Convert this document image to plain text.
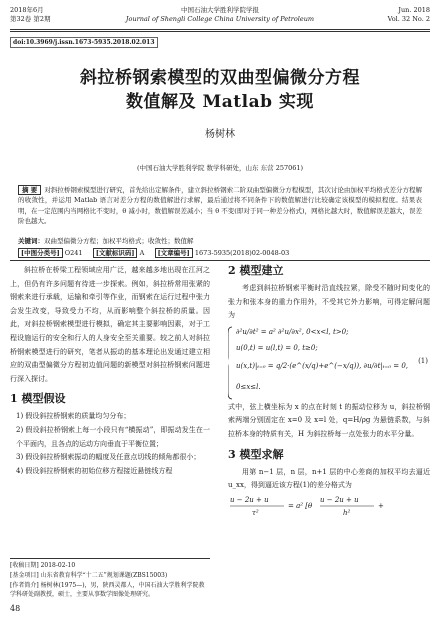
2018年6月
第32卷 第2期
中国石油大学胜利学院学报
Journal of Shengli College China University of Petroleum
Jun. 2018
Vol. 32 No. 2
doi:10.3969/j.issn.1673-5935.2018.02.013
斜拉桥钢索模型的双曲型偏微分方程
数值解及 Matlab 实现
杨树林
(中国石油大学胜利学院 数学科研处，山东 东营 257061)
摘 要 对斜拉桥钢索模型进行研究，首先给出定解条件，建立斜拉桥钢索二阶双曲型偏微分方程模型，其次讨论由加权平均格式差分方程解的收敛性，并运用 Matlab 语言对差分方程的数值解进行求解，最后通过将不同条件下的数值解进行比较确定该模型的模拟程度。结果表明，在一定范围内当网格比不变时，θ 减小时，数值解误差减小；当 θ 不变(即对于同一种差分格式)，网格比越大时，数值解误差越大，误差阶也越大。
关键词：双曲型偏微分方程；加权平均格式；收敛性；数值解
[中图分类号] O241 [文献标识码] A [文章编号] 1673-5935(2018)02-0048-03

斜拉桥在桥梁工程领域应用广泛，越来越多地出现在江河之上，但仍有许多问题有待进一步探索。例如，斜拉桥常用张紧的钢索来进行承载，运输和牵引等作业，而钢索在运行过程中张力会发生改变，导致受力不均，从而影响整个斜拉桥的质量。因此，对斜拉桥钢索模型进行模拟，确定其主要影响因素，对于工程设施运行的安全和行人的人身安全至关重要。较之前人对斜拉桥钢索模型进行的研究，笔者从振动的基本理论出发通过建立相应的双曲型偏微分方程初边值问题的新模型对斜拉桥钢索问题进行深入探讨。

1 模型假设

1) 假设斜拉桥钢索的质量均匀分布；

2) 假设斜拉桥钢索上每一小段只有“横振动”，即振动发生在一个平面内，且各点的运动方向垂直于平衡位置；

3) 假设斜拉桥钢索振动的幅度及任意点切线的倾角都很小；

4) 假设斜拉桥钢索的初始位移方程接近悬链线方程

[收稿日期] 2018-02-10
[基金项目] 山东省教育科学“十二五”规划课题(ZBS15003)
[作者简介] 杨树林(1975—)，男，陕西灵都人，中国石油大学胜利学院教学科研处副教授，硕士，主要从事数学图像处理研究。
48
2 模型建立

考虑到斜拉桥钢索平衡时沿直线拉紧，除受不随时间变化的张力和张本身的重力作用外，不受其它外力影响，可得定解问题为

∂²u/∂t² = a² ∂²u/∂x², 0<x<l, t>0;
u(0,t) = u(l,t) = 0, t≥0;
u(x,t)|ₜ₌₀ = q/2·(e^(x/q)+e^(−x/q)), ∂u/∂t|ₜ₌₀ = 0,
0≤x≤l.
(1)

式中，弦上横坐标为 x 的点在时刻 t 的振动位移为 u，斜拉桥钢索两端分别固定在 x=0 及 x=l 处，q=H/ρg 为悬链系数，与斜拉桥本身的特质有关，H 为斜拉桥每一点处张力的水平分量。

3 模型求解

用第 n−1 层，n 层，n+1 层的中心差商的加权平均去逼近 u_xx，得到逼近该方程(1)的差分格式为

u − 2u + u
τ²
= a² [θ
u − 2u + u
h²
+
